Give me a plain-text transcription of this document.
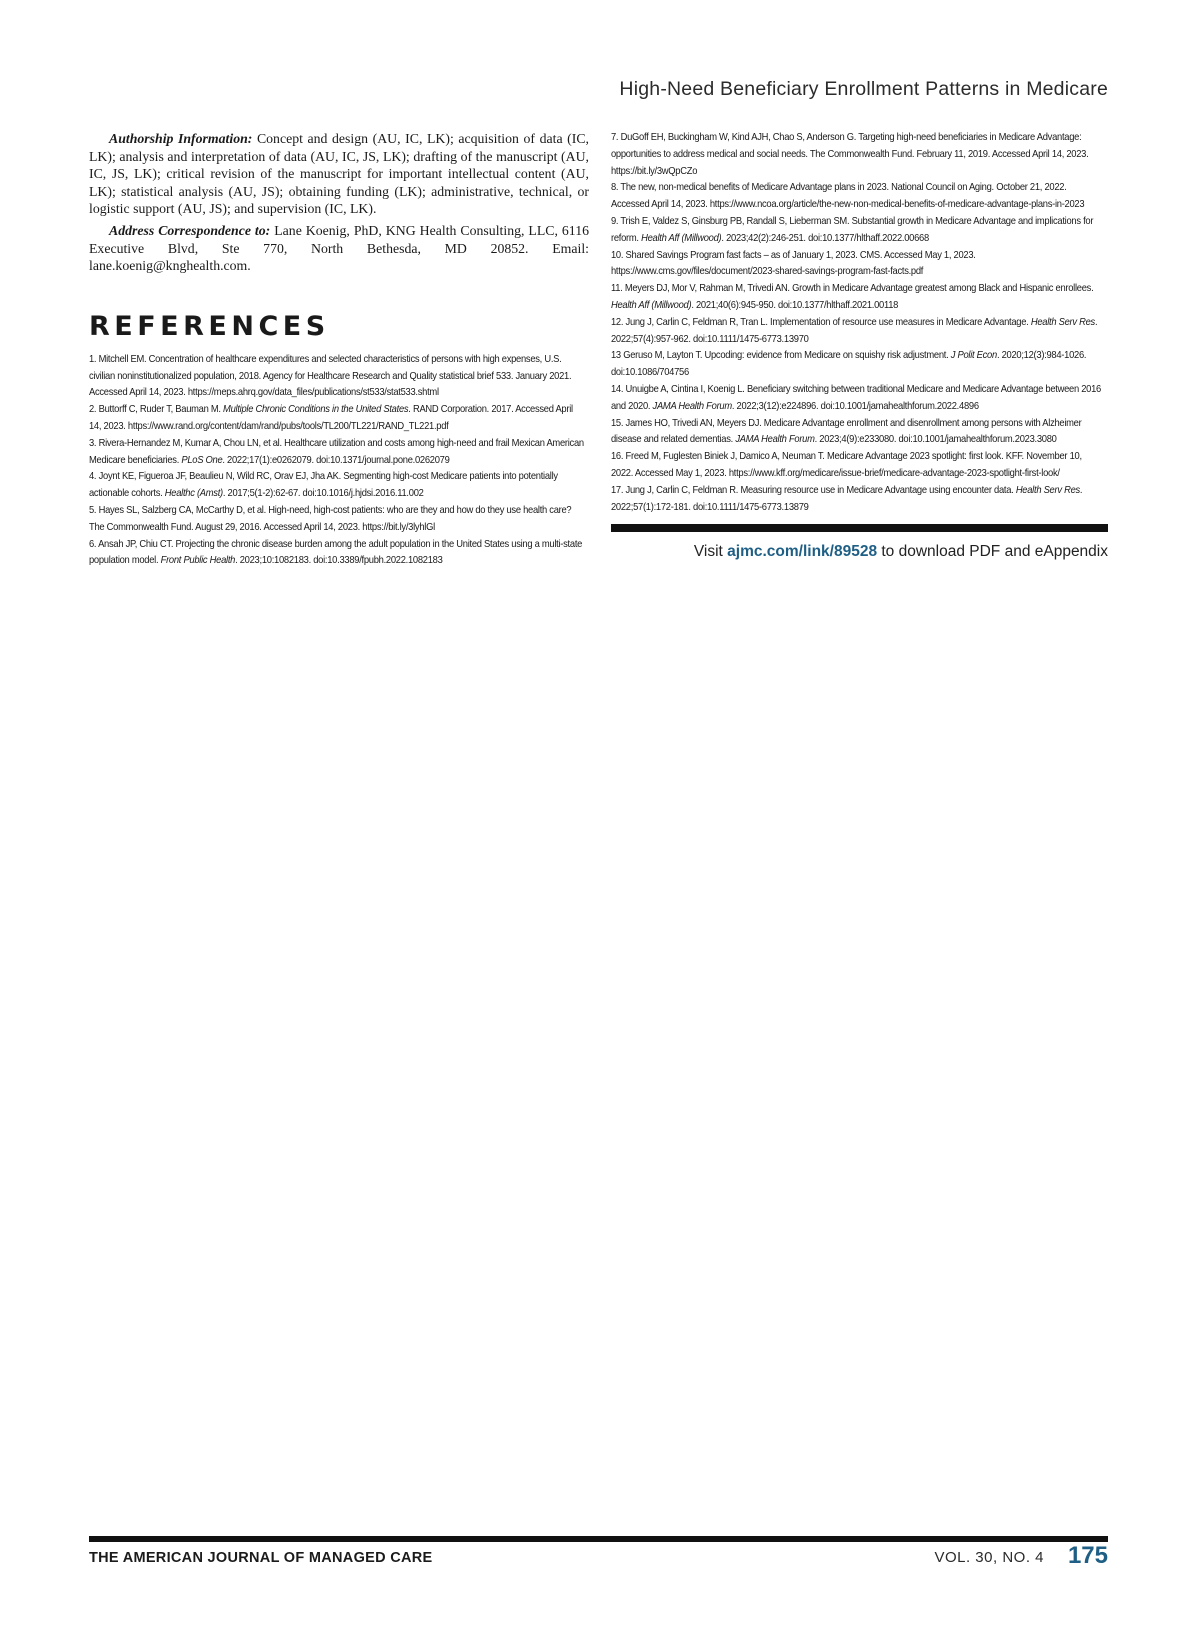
High-Need Beneficiary Enrollment Patterns in Medicare

Authorship Information: Concept and design (AU, IC, LK); acquisition of data (IC, LK); analysis and interpretation of data (AU, IC, JS, LK); drafting of the manuscript (AU, IC, JS, LK); critical revision of the manuscript for important intellectual content (AU, LK); statistical analysis (AU, JS); obtaining funding (LK); administrative, technical, or logistic support (AU, JS); and supervision (IC, LK).

Address Correspondence to: Lane Koenig, PhD, KNG Health Consulting, LLC, 6116 Executive Blvd, Ste 770, North Bethesda, MD 20852. Email: lane.koenig@knghealth.com.

REFERENCES
1. Mitchell EM. Concentration of healthcare expenditures and selected characteristics of persons with high expenses, U.S. civilian noninstitutionalized population, 2018. Agency for Healthcare Research and Quality statistical brief 533. January 2021. Accessed April 14, 2023. https://meps.ahrq.gov/data_files/publications/st533/stat533.shtml
2. Buttorff C, Ruder T, Bauman M. Multiple Chronic Conditions in the United States. RAND Corporation. 2017. Accessed April 14, 2023. https://www.rand.org/content/dam/rand/pubs/tools/TL200/TL221/RAND_TL221.pdf
3. Rivera-Hernandez M, Kumar A, Chou LN, et al. Healthcare utilization and costs among high-need and frail Mexican American Medicare beneficiaries. PLoS One. 2022;17(1):e0262079. doi:10.1371/journal.pone.0262079
4. Joynt KE, Figueroa JF, Beaulieu N, Wild RC, Orav EJ, Jha AK. Segmenting high-cost Medicare patients into potentially actionable cohorts. Healthc (Amst). 2017;5(1-2):62-67. doi:10.1016/j.hjdsi.2016.11.002
5. Hayes SL, Salzberg CA, McCarthy D, et al. High-need, high-cost patients: who are they and how do they use health care? The Commonwealth Fund. August 29, 2016. Accessed April 14, 2023. https://bit.ly/3lyhlGl
6. Ansah JP, Chiu CT. Projecting the chronic disease burden among the adult population in the United States using a multi-state population model. Front Public Health. 2023;10:1082183. doi:10.3389/fpubh.2022.1082183
7. DuGoff EH, Buckingham W, Kind AJH, Chao S, Anderson G. Targeting high-need beneficiaries in Medicare Advantage: opportunities to address medical and social needs. The Commonwealth Fund. February 11, 2019. Accessed April 14, 2023. https://bit.ly/3wQpCZo
8. The new, non-medical benefits of Medicare Advantage plans in 2023. National Council on Aging. October 21, 2022. Accessed April 14, 2023. https://www.ncoa.org/article/the-new-non-medical-benefits-of-medicare-advantage-plans-in-2023
9. Trish E, Valdez S, Ginsburg PB, Randall S, Lieberman SM. Substantial growth in Medicare Advantage and implications for reform. Health Aff (Millwood). 2023;42(2):246-251. doi:10.1377/hlthaff.2022.00668
10. Shared Savings Program fast facts – as of January 1, 2023. CMS. Accessed May 1, 2023. https://www.cms.gov/files/document/2023-shared-savings-program-fast-facts.pdf
11. Meyers DJ, Mor V, Rahman M, Trivedi AN. Growth in Medicare Advantage greatest among Black and Hispanic enrollees. Health Aff (Millwood). 2021;40(6):945-950. doi:10.1377/hlthaff.2021.00118
12. Jung J, Carlin C, Feldman R, Tran L. Implementation of resource use measures in Medicare Advantage. Health Serv Res. 2022;57(4):957-962. doi:10.1111/1475-6773.13970
13 Geruso M, Layton T. Upcoding: evidence from Medicare on squishy risk adjustment. J Polit Econ. 2020;12(3):984-1026. doi:10.1086/704756
14. Unuigbe A, Cintina I, Koenig L. Beneficiary switching between traditional Medicare and Medicare Advantage between 2016 and 2020. JAMA Health Forum. 2022;3(12):e224896. doi:10.1001/jamahealthforum.2022.4896
15. James HO, Trivedi AN, Meyers DJ. Medicare Advantage enrollment and disenrollment among persons with Alzheimer disease and related dementias. JAMA Health Forum. 2023;4(9):e233080. doi:10.1001/jamahealthforum.2023.3080
16. Freed M, Fuglesten Biniek J, Damico A, Neuman T. Medicare Advantage 2023 spotlight: first look. KFF. November 10, 2022. Accessed May 1, 2023. https://www.kff.org/medicare/issue-brief/medicare-advantage-2023-spotlight-first-look/
17. Jung J, Carlin C, Feldman R. Measuring resource use in Medicare Advantage using encounter data. Health Serv Res. 2022;57(1):172-181. doi:10.1111/1475-6773.13879
Visit ajmc.com/link/89528 to download PDF and eAppendix
THE AMERICAN JOURNAL OF MANAGED CARE	VOL. 30, NO. 4 175
